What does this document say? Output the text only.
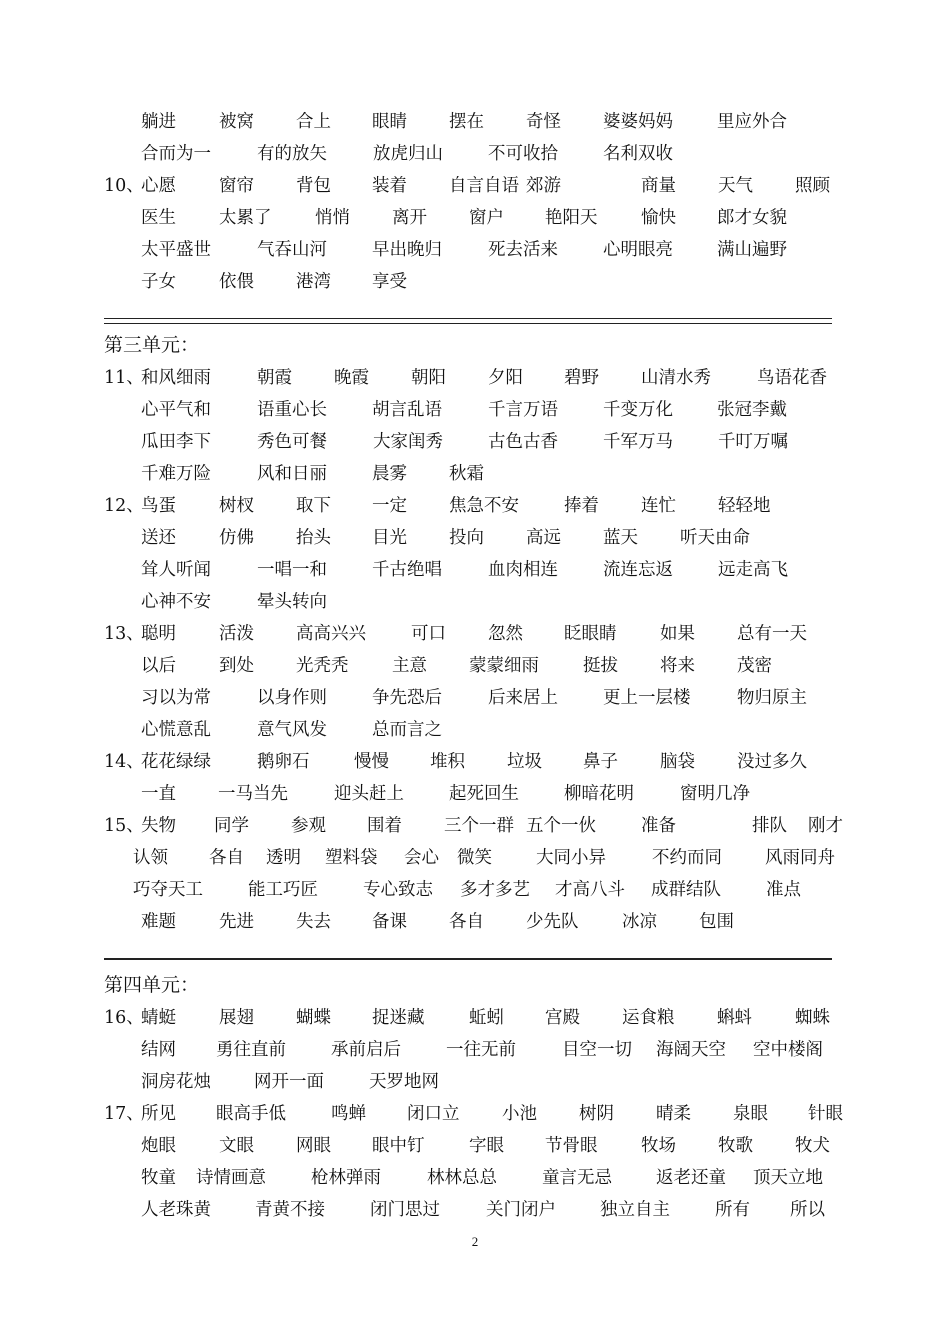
躺进 被窝 合上 眼睛 摆在 奇怪 婆婆妈妈	里应外合
合而为一	有的放矢	放虎归山	不可收拾	名利双收
10、
心愿 窗帘 背包 装着 自言自语 郊游	商量 天气 照顾
医生 太累了 悄悄 离开 窗户 艳阳天 愉快 郎才女貌
太平盛世	气吞山河	早出晚归	死去活来	心明眼亮	满山遍野
子女 依偎 港湾 享受
第三单元：
11、
和风细雨	朝霞 晚霞 朝阳 夕阳 碧野 山清水秀	鸟语花香
心平气和	语重心长	胡言乱语	千言万语	千变万化	张冠李戴
瓜田李下	秀色可餐	大家闺秀	古色古香	千军万马	千叮万嘱
千难万险	风和日丽	晨雾 秋霜
12、
鸟蛋 树杈 取下 一定 焦急不安	捧着 连忙 轻轻地
送还 仿佛 抬头 目光 投向 高远 蓝天 听天由命
耸人听闻	一唱一和	千古绝唱	血肉相连	流连忘返	远走高飞
心神不安	晕头转向
13、
聪明 活泼 高高兴兴	可口 忽然 眨眼睛 如果 总有一天
以后 到处 光秃秃 主意 蒙蒙细雨	挺拔 将来 茂密
习以为常	以身作则	争先恐后	后来居上	更上一层楼	物归原主
心慌意乱	意气风发	总而言之
14、
花花绿绿	鹅卵石	慢慢 堆积 垃圾 鼻子 脑袋 没过多久
一直 一马当先	迎头赶上	起死回生	柳暗花明	窗明几净
15、
失物 同学 参观 围着 三个一群 五个一伙	准备	排队 刚才
认领 各自 透明 塑料袋 会心 微笑	大同小异	不约而同 风雨同舟
巧夺天工	能工巧匠	专心致志 多才多艺 才高八斗 成群结队	准点
难题 先进 失去 备课 各自 少先队 冰凉 包围
第四单元：
16、
蜻蜓 展翅 蝴蝶 捉迷藏	蚯蚓 宫殿 运食粮 蝌蚪 蜘蛛
结网 勇往直前	承前启后	一往无前	目空一切 海阔天空 空中楼阁
洞房花烛 网开一面	天罗地网
17、
所见 眼高手低	鸣蝉 闭口立 小池 树阴 晴柔 泉眼 针眼
炮眼 文眼 网眼 眼中钉	字眼 节骨眼 牧场 牧歌 牧犬
牧童 诗情画意	枪林弹雨	林林总总	童言无忌	返老还童 顶天立地
人老珠黄	青黄不接	闭门思过	关门闭户	独立自主	所有 所以
2
